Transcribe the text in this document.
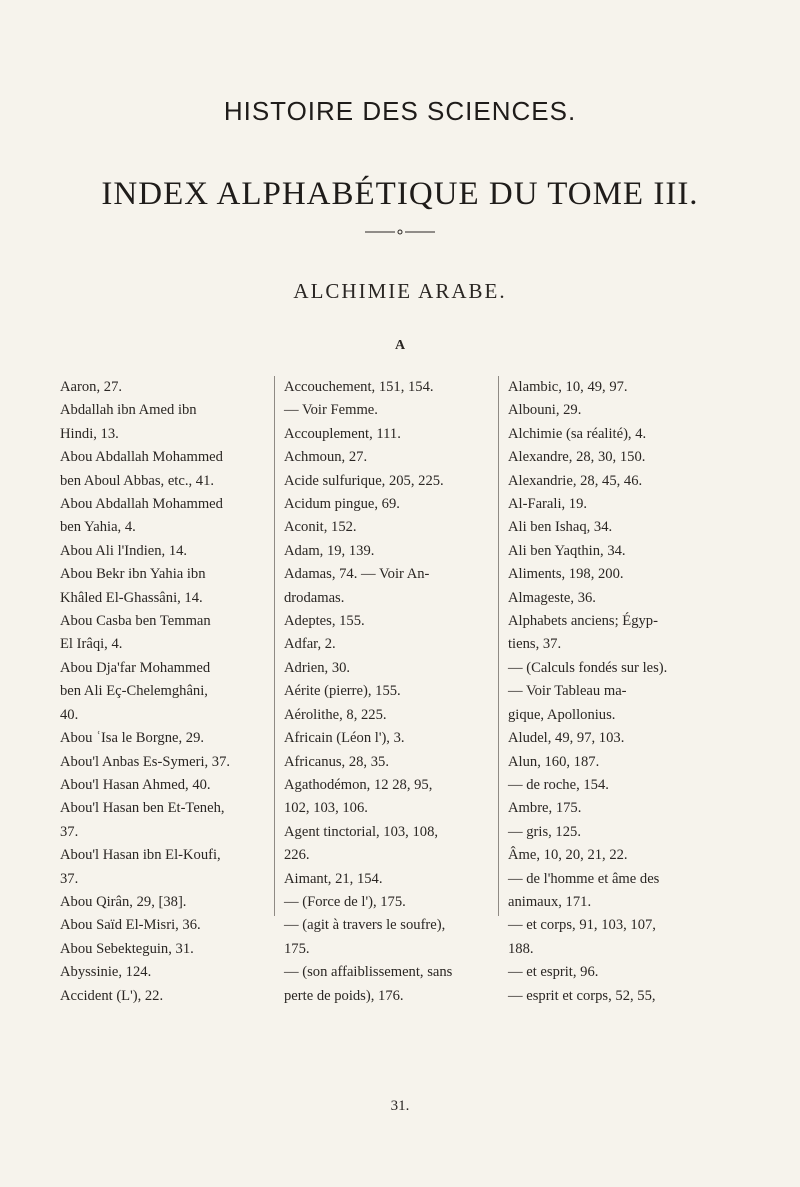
HISTOIRE DES SCIENCES.
INDEX ALPHABÉTIQUE DU TOME III.
ALCHIMIE ARABE.
A
Aaron, 27.
Abdallah ibn Amed ibn
Hindi, 13.
Abou Abdallah Mohammed
ben Aboul Abbas, etc., 41.
Abou Abdallah Mohammed
ben Yahia, 4.
Abou Ali l'Indien, 14.
Abou Bekr ibn Yahia ibn
Khâled El-Ghassâni, 14.
Abou Casba ben Temman
El Irâqi, 4.
Abou Dja'far Mohammed
ben Ali Eç-Chelemghâni,
40.
Abou ʿIsa le Borgne, 29.
Abou'l Anbas Es-Symeri, 37.
Abou'l Hasan Ahmed, 40.
Abou'l Hasan ben Et-Teneh,
37.
Abou'l Hasan ibn El-Koufi,
37.
Abou Qirân, 29, [38].
Abou Saïd El-Misri, 36.
Abou Sebekteguin, 31.
Abyssinie, 124.
Accident (L'), 22.
Accouchement, 151, 154.
— Voir Femme.
Accouplement, 111.
Achmoun, 27.
Acide sulfurique, 205, 225.
Acidum pingue, 69.
Aconit, 152.
Adam, 19, 139.
Adamas, 74. — Voir An-
drodamas.
Adeptes, 155.
Adfar, 2.
Adrien, 30.
Aérite (pierre), 155.
Aérolithe, 8, 225.
Africain (Léon l'), 3.
Africanus, 28, 35.
Agathodémon, 12 28, 95,
102, 103, 106.
Agent tinctorial, 103, 108,
226.
Aimant, 21, 154.
— (Force de l'), 175.
— (agit à travers le soufre),
175.
— (son affaiblissement, sans
perte de poids), 176.
Alambic, 10, 49, 97.
Albouni, 29.
Alchimie (sa réalité), 4.
Alexandre, 28, 30, 150.
Alexandrie, 28, 45, 46.
Al-Farali, 19.
Ali ben Ishaq, 34.
Ali ben Yaqthin, 34.
Aliments, 198, 200.
Almageste, 36.
Alphabets anciens; Égyp-
tiens, 37.
— (Calculs fondés sur les).
— Voir Tableau ma-
gique, Apollonius.
Aludel, 49, 97, 103.
Alun, 160, 187.
— de roche, 154.
Ambre, 175.
— gris, 125.
Âme, 10, 20, 21, 22.
— de l'homme et âme des
animaux, 171.
— et corps, 91, 103, 107,
188.
— et esprit, 96.
— esprit et corps, 52, 55,
31.
